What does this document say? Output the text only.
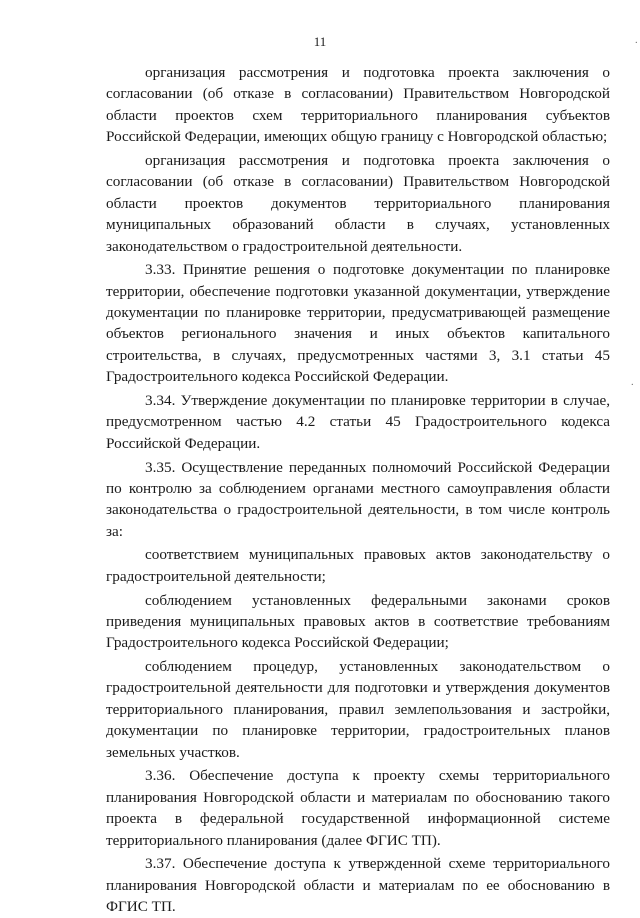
11	·
·

организация рассмотрения и подготовка проекта заключения о согласовании (об отказе в согласовании) Правительством Новгородской области проектов схем территориального планирования субъектов Российской Федерации, имеющих общую границу с Новгородской областью;

организация рассмотрения и подготовка проекта заключения о согласовании (об отказе в согласовании) Правительством Новгородской области проектов документов территориального планирования муниципальных образований области в случаях, установленных законодательством о градостроительной деятельности.

3.33. Принятие решения о подготовке документации по планировке территории, обеспечение подготовки указанной документации, утверждение документации по планировке территории, предусматривающей размещение объектов регионального значения и иных объектов капитального строительства, в случаях, предусмотренных частями 3, 3.1 статьи 45 Градостроительного кодекса Российской Федерации.

3.34. Утверждение документации по планировке территории в случае, предусмотренном частью 4.2 статьи 45 Градостроительного кодекса Российской Федерации.

3.35. Осуществление переданных полномочий Российской Федерации по контролю за соблюдением органами местного самоуправления области законодательства о градостроительной деятельности, в том числе контроль за:

соответствием муниципальных правовых актов законодательству о градостроительной деятельности;

соблюдением установленных федеральными законами сроков приведения муниципальных правовых актов в соответствие требованиям Градостроительного кодекса Российской Федерации;

соблюдением процедур, установленных законодательством о градостроительной деятельности для подготовки и утверждения документов территориального планирования, правил землепользования и застройки, документации по планировке территории, градостроительных планов земельных участков.

3.36. Обеспечение доступа к проекту схемы территориального планирования Новгородской области и материалам по обоснованию такого проекта в федеральной государственной информационной системе территориального планирования (далее ФГИС ТП).

3.37. Обеспечение доступа к утвержденной схеме территориального планирования Новгородской области и материалам по ее обоснованию в ФГИС ТП.
